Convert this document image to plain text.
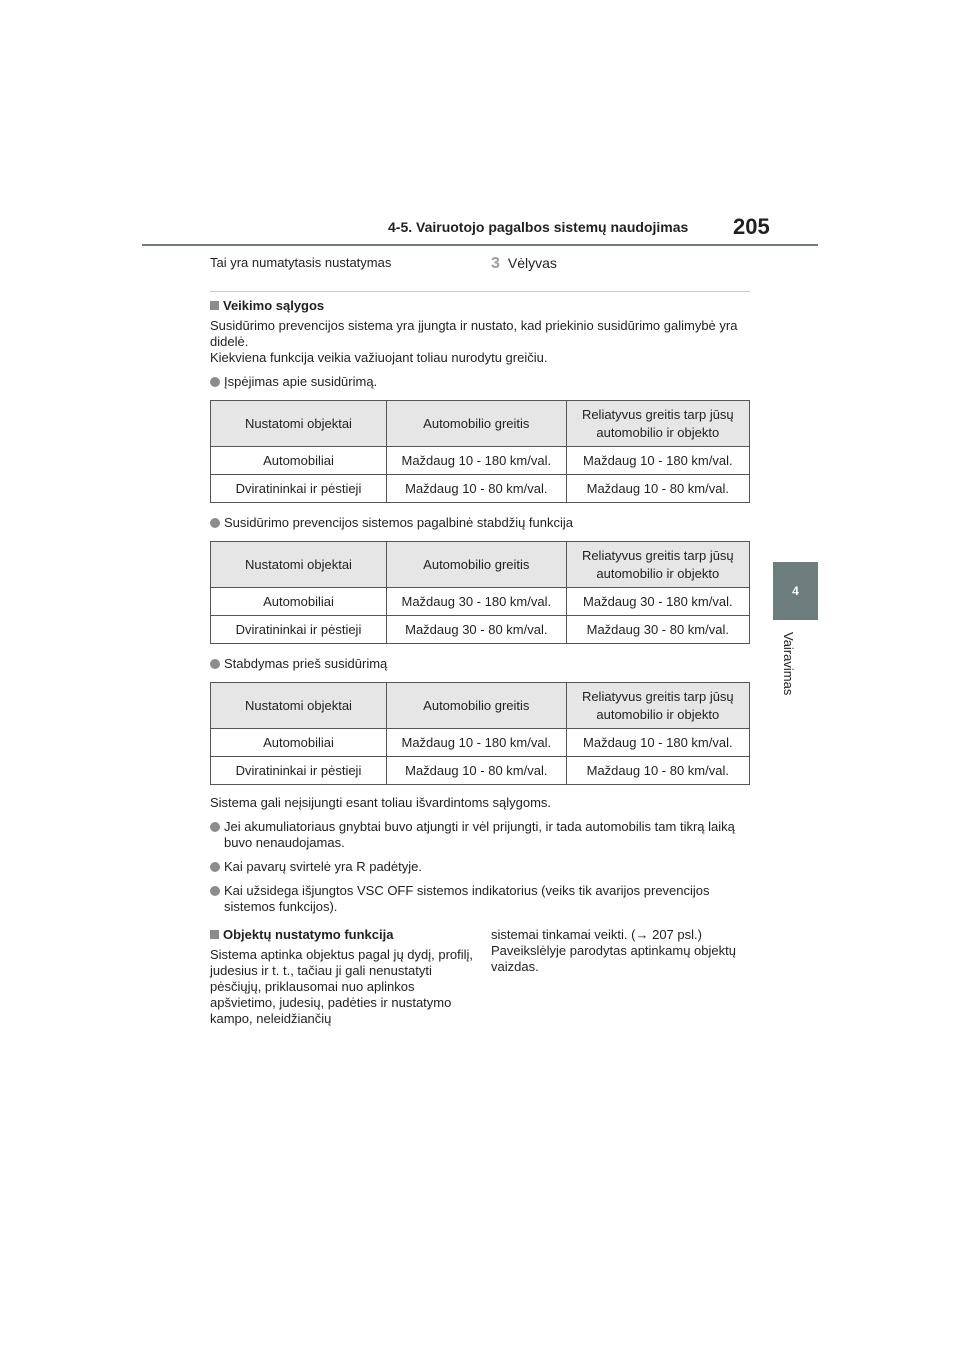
4-5. Vairuotojo pagalbos sistemų naudojimas 205
4
Vairavimas
Tai yra numatytasis nustatymas	3 Vėlyvas

Veikimo sąlygos

Susidūrimo prevencijos sistema yra įjungta ir nustato, kad priekinio susidūrimo galimybė yra didelė.

Kiekviena funkcija veikia važiuojant toliau nurodytu greičiu.

Įspėjimas apie susidūrimą.
Nustatomi objektai	Automobilio greitis	Reliatyvus greitis tarp jūsų automobilio ir objekto
Automobiliai	Maždaug 10 - 180 km/val.	Maždaug 10 - 180 km/val.
Dviratininkai ir pėstieji	Maždaug 10 - 80 km/val.	Maždaug 10 - 80 km/val.
Susidūrimo prevencijos sistemos pagalbinė stabdžių funkcija
Nustatomi objektai	Automobilio greitis	Reliatyvus greitis tarp jūsų automobilio ir objekto
Automobiliai	Maždaug 30 - 180 km/val.	Maždaug 30 - 180 km/val.
Dviratininkai ir pėstieji	Maždaug 30 - 80 km/val.	Maždaug 30 - 80 km/val.
Stabdymas prieš susidūrimą
Nustatomi objektai	Automobilio greitis	Reliatyvus greitis tarp jūsų automobilio ir objekto
Automobiliai	Maždaug 10 - 180 km/val.	Maždaug 10 - 180 km/val.
Dviratininkai ir pėstieji	Maždaug 10 - 80 km/val.	Maždaug 10 - 80 km/val.

Sistema gali neįsijungti esant toliau išvardintoms sąlygoms.

Jei akumuliatoriaus gnybtai buvo atjungti ir vėl prijungti, ir tada automobilis tam tikrą laiką buvo nenaudojamas.
Kai pavarų svirtelė yra R padėtyje.
Kai užsidega išjungtos VSC OFF sistemos indikatorius (veiks tik avarijos prevencijos sistemos funkcijos).

Objektų nustatymo funkcija

Sistema aptinka objektus pagal jų dydį, profilį, judesius ir t. t., tačiau ji gali nenustatyti pėsčiųjų, priklausomai nuo aplinkos apšvietimo, judesių, padėties ir nustatymo kampo, neleidžiančių

sistemai tinkamai veikti. (→ 207 psl.) Paveikslėlyje parodytas aptinkamų objektų vaizdas.
